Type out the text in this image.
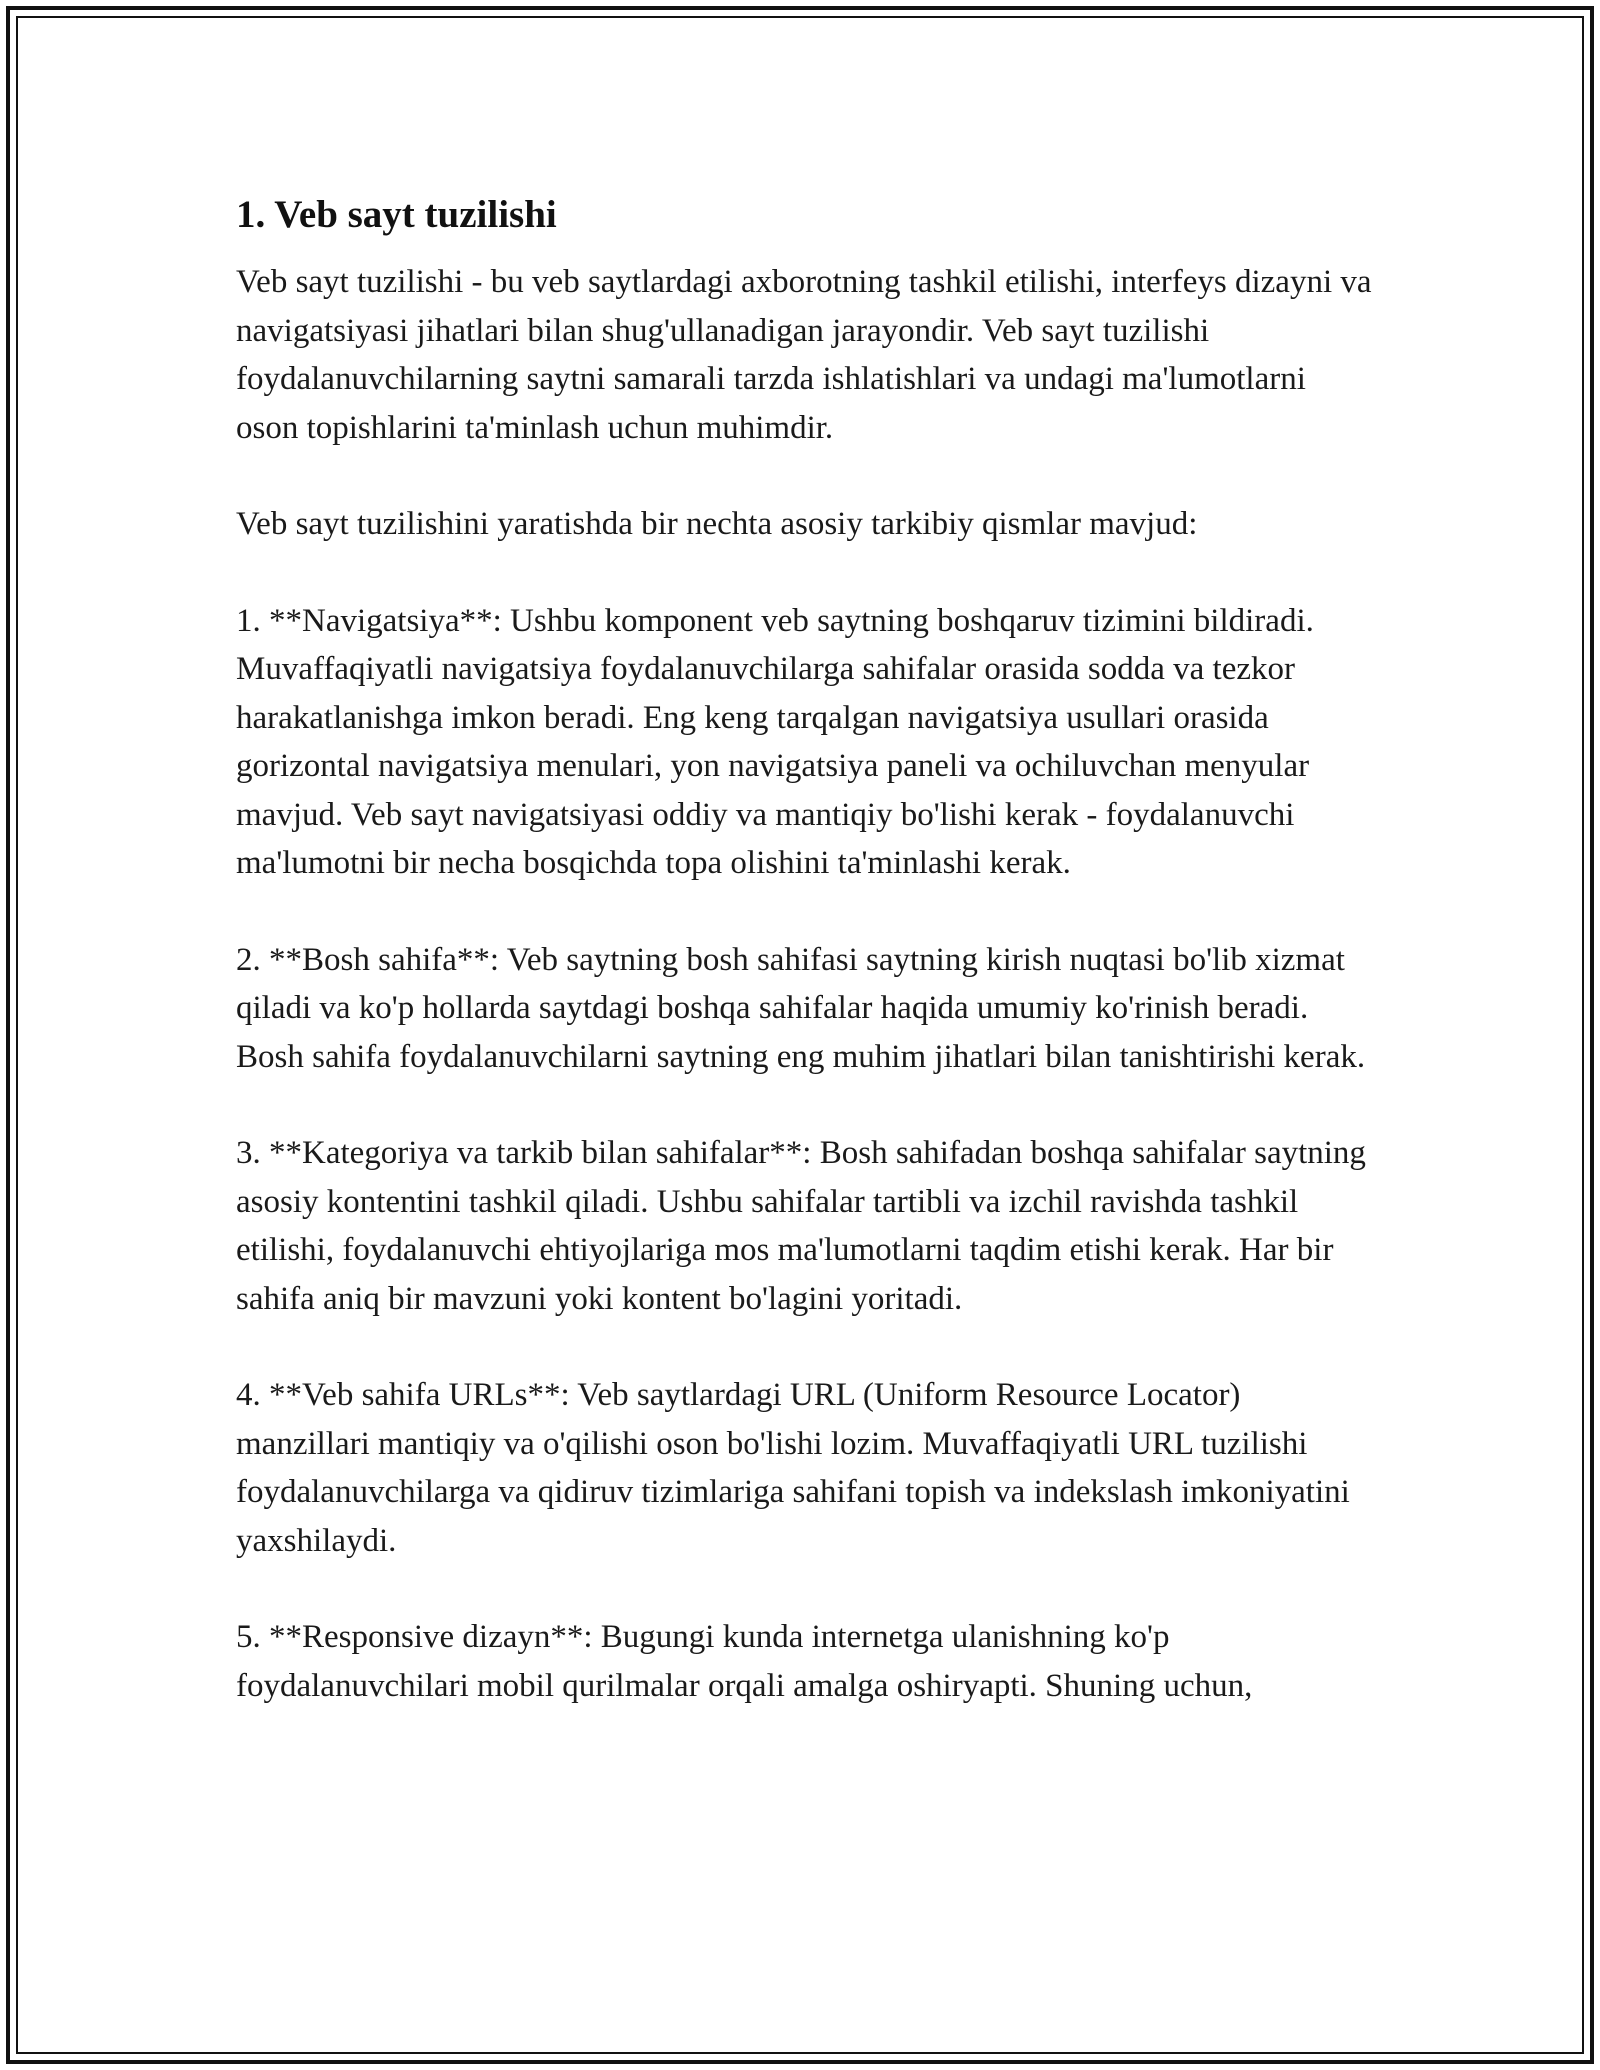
1. Veb sayt tuzilishi

Veb sayt tuzilishi - bu veb saytlardagi axborotning tashkil etilishi, interfeys dizayni va navigatsiyasi jihatlari bilan shug'ullanadigan jarayondir. Veb sayt tuzilishi foydalanuvchilarning saytni samarali tarzda ishlatishlari va undagi ma'lumotlarni oson topishlarini ta'minlash uchun muhimdir.

Veb sayt tuzilishini yaratishda bir nechta asosiy tarkibiy qismlar mavjud:

1. **Navigatsiya**: Ushbu komponent veb saytning boshqaruv tizimini bildiradi. Muvaffaqiyatli navigatsiya foydalanuvchilarga sahifalar orasida sodda va tezkor harakatlanishga imkon beradi. Eng keng tarqalgan navigatsiya usullari orasida gorizontal navigatsiya menulari, yon navigatsiya paneli va ochiluvchan menyular mavjud. Veb sayt navigatsiyasi oddiy va mantiqiy bo'lishi kerak - foydalanuvchi ma'lumotni bir necha bosqichda topa olishini ta'minlashi kerak.

2. **Bosh sahifa**: Veb saytning bosh sahifasi saytning kirish nuqtasi bo'lib xizmat qiladi va ko'p hollarda saytdagi boshqa sahifalar haqida umumiy ko'rinish beradi. Bosh sahifa foydalanuvchilarni saytning eng muhim jihatlari bilan tanishtirishi kerak.

3. **Kategoriya va tarkib bilan sahifalar**: Bosh sahifadan boshqa sahifalar saytning asosiy kontentini tashkil qiladi. Ushbu sahifalar tartibli va izchil ravishda tashkil etilishi, foydalanuvchi ehtiyojlariga mos ma'lumotlarni taqdim etishi kerak. Har bir sahifa aniq bir mavzuni yoki kontent bo'lagini yoritadi.

4. **Veb sahifa URLs**: Veb saytlardagi URL (Uniform Resource Locator) manzillari mantiqiy va o'qilishi oson bo'lishi lozim. Muvaffaqiyatli URL tuzilishi foydalanuvchilarga va qidiruv tizimlariga sahifani topish va indekslash imkoniyatini yaxshilaydi.

5. **Responsive dizayn**: Bugungi kunda internetga ulanishning ko'p foydalanuvchilari mobil qurilmalar orqali amalga oshiryapti. Shuning uchun,
